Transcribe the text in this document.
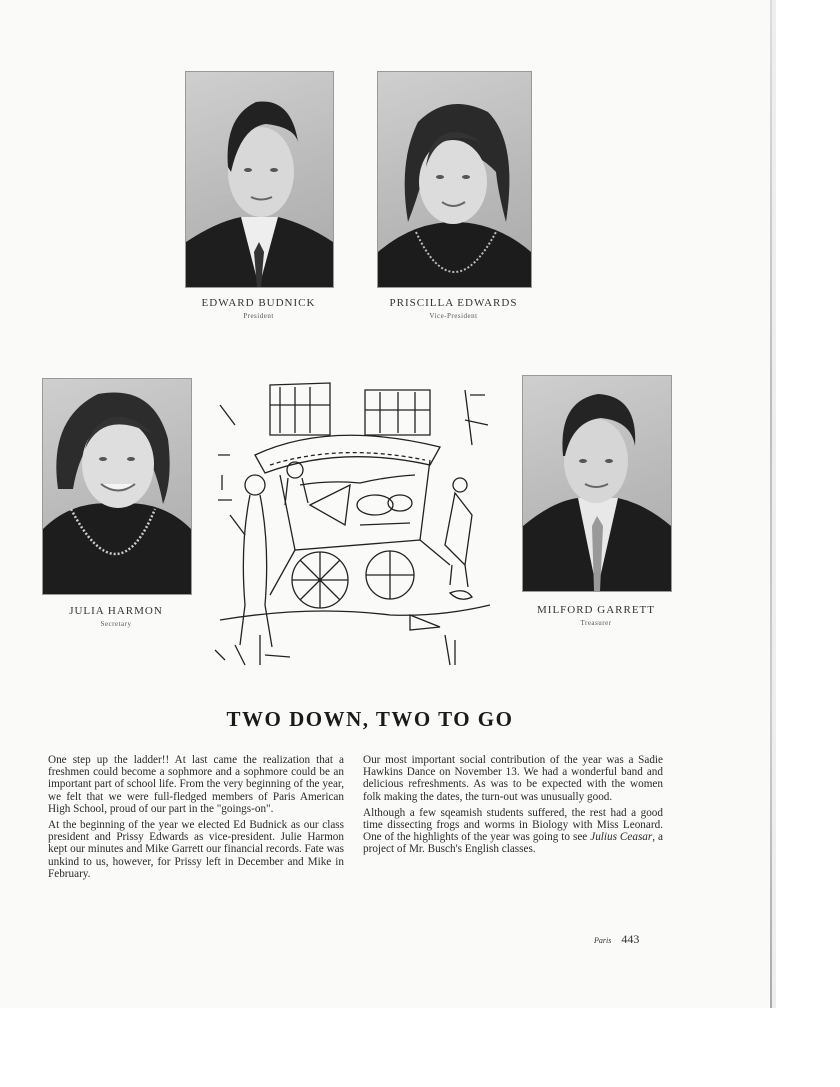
EDWARD BUDNICK
President
PRISCILLA EDWARDS
Vice-President
JULIA HARMON
Secretary
MILFORD GARRETT
Treasurer
TWO DOWN, TWO TO GO

One step up the ladder!! At last came the realization that a freshmen could become a sophmore and a sophmore could be an important part of school life. From the very beginning of the year, we felt that we were full-fledged members of Paris American High School, proud of our part in the "goings-on".

At the beginning of the year we elected Ed Budnick as our class president and Prissy Edwards as vice-president. Julie Harmon kept our minutes and Mike Garrett our financial records. Fate was unkind to us, however, for Prissy left in December and Mike in February.

Our most important social contribution of the year was a Sadie Hawkins Dance on November 13. We had a wonderful band and delicious refreshments. As was to be expected with the women folk making the dates, the turn-out was unusually good.

Although a few sqeamish students suffered, the rest had a good time dissecting frogs and worms in Biology with Miss Leonard. One of the highlights of the year was going to see Julius Ceasar, a project of Mr. Busch's English classes.

Paris 443
